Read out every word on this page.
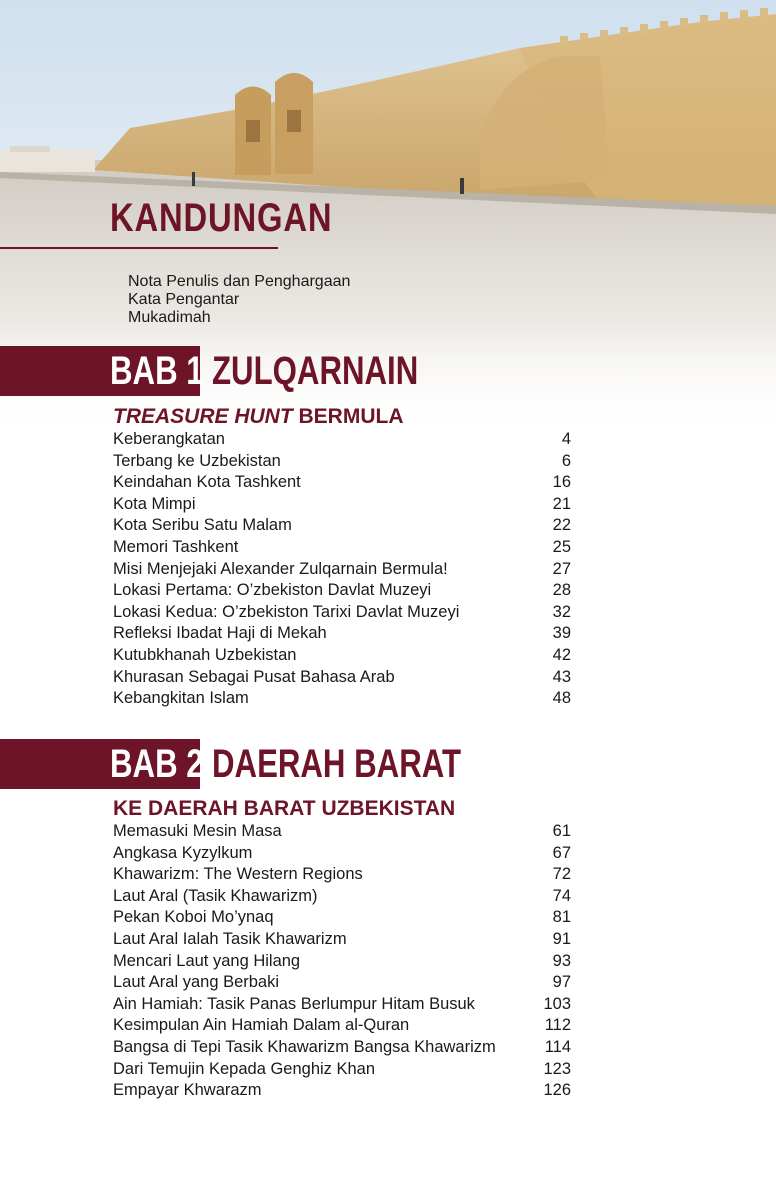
KANDUNGAN
Nota Penulis dan Penghargaan
Kata Pengantar
Mukadimah
BAB 1 ZULQARNAIN
TREASURE HUNT BERMULA
Keberangkatan	4
Terbang ke Uzbekistan	6
Keindahan Kota Tashkent	16
Kota Mimpi	21
Kota Seribu Satu Malam	22
Memori Tashkent	25
Misi Menjejaki Alexander Zulqarnain Bermula!	27
Lokasi Pertama: O’zbekiston Davlat Muzeyi	28
Lokasi Kedua: O’zbekiston Tarixi Davlat Muzeyi	32
Refleksi Ibadat Haji di Mekah	39
Kutubkhanah Uzbekistan	42
Khurasan Sebagai Pusat Bahasa Arab	43
Kebangkitan Islam	48
BAB 2 DAERAH BARAT
KE DAERAH BARAT UZBEKISTAN
Memasuki Mesin Masa	61
Angkasa Kyzylkum	67
Khawarizm: The Western Regions	72
Laut Aral (Tasik Khawarizm)	74
Pekan Koboi Mo’ynaq	81
Laut Aral Ialah Tasik Khawarizm	91
Mencari Laut yang Hilang	93
Laut Aral yang Berbaki	97
Ain Hamiah: Tasik Panas Berlumpur Hitam Busuk	103
Kesimpulan Ain Hamiah Dalam al-Quran	112
Bangsa di Tepi Tasik Khawarizm Bangsa Khawarizm	114
Dari Temujin Kepada Genghiz Khan	123
Empayar Khwarazm	126
